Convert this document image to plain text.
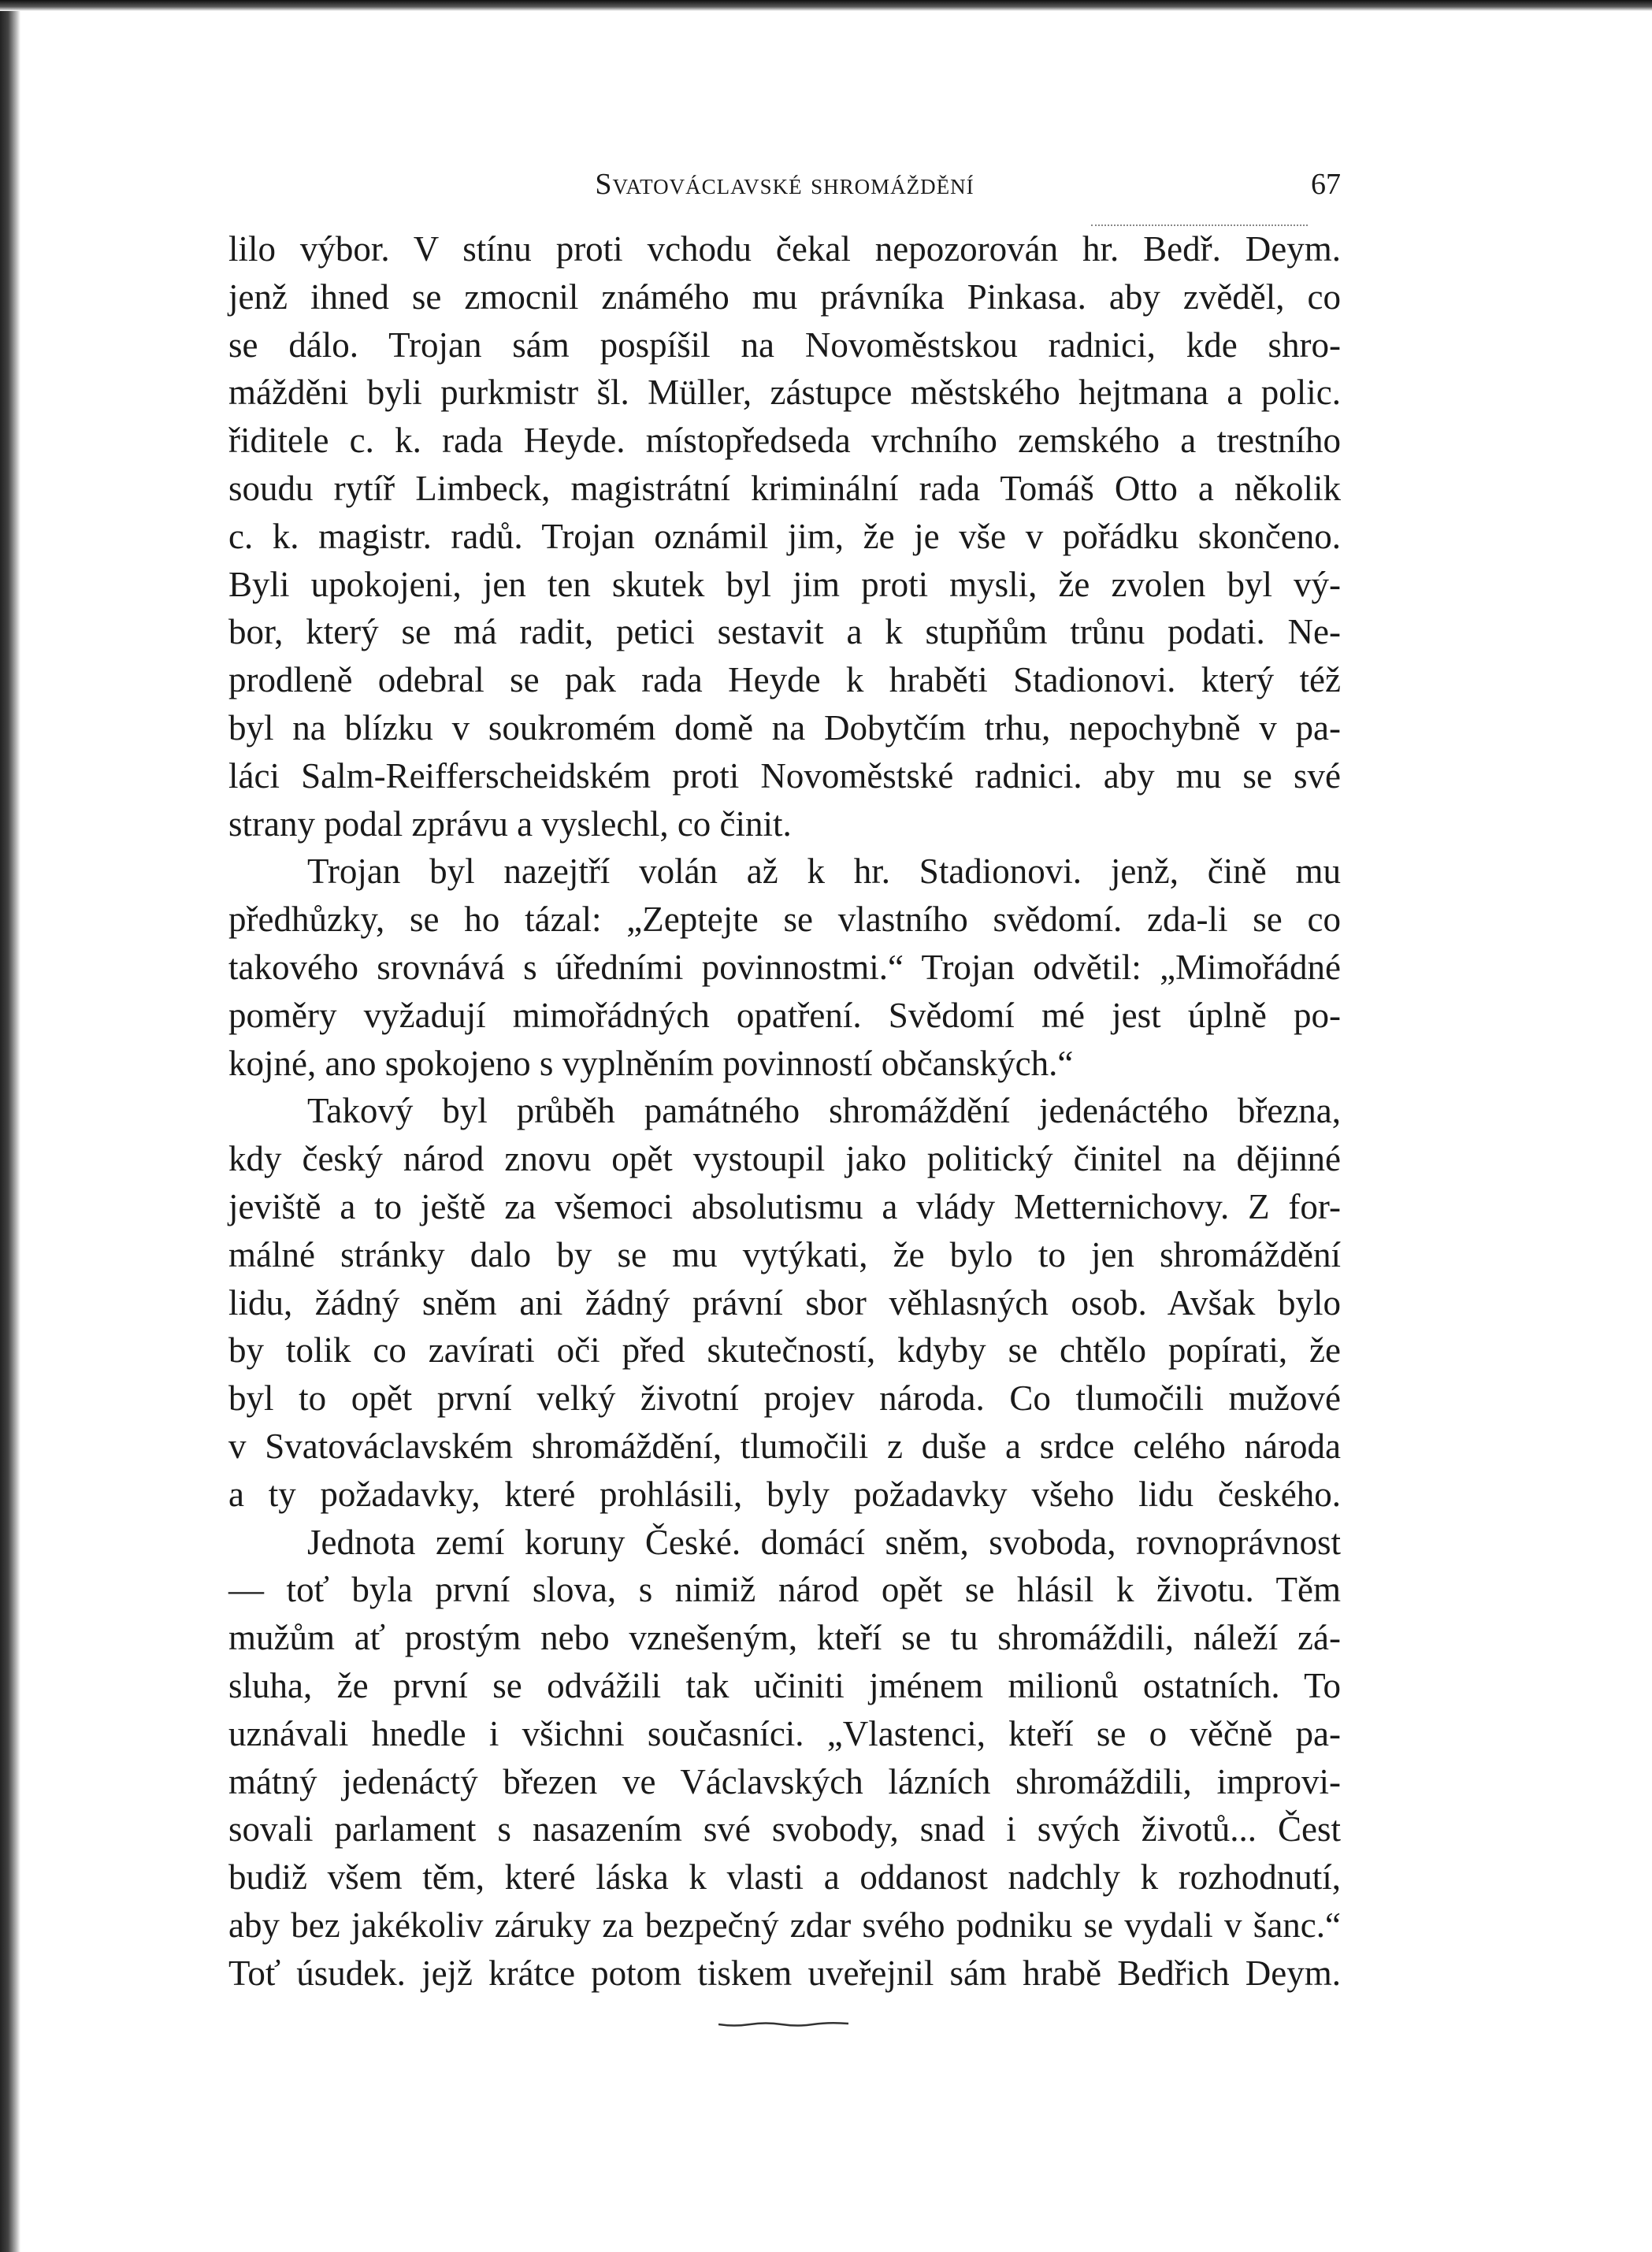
Svatováclavské shromáždění	67
lilo výbor. V stínu proti vchodu čekal nepozorován hr. Bedř. Deym.
jenž ihned se zmocnil známého mu právníka Pinkasa. aby zvěděl, co
se dálo. Trojan sám pospíšil na Novoměstskou radnici, kde shro-
mážděni byli purkmistr šl. Müller, zástupce městského hejtmana a polic.
řiditele c. k. rada Heyde. místopředseda vrchního zemského a trestního
soudu rytíř Limbeck, magistrátní kriminální rada Tomáš Otto a několik
c. k. magistr. radů. Trojan oznámil jim, že je vše v pořádku skončeno.
Byli upokojeni, jen ten skutek byl jim proti mysli, že zvolen byl vý-
bor, který se má radit, petici sestavit a k stupňům trůnu podati. Ne-
prodleně odebral se pak rada Heyde k hraběti Stadionovi. který též
byl na blízku v soukromém domě na Dobytčím trhu, nepochybně v pa-
láci Salm-Reifferscheidském proti Novoměstské radnici. aby mu se své
strany podal zprávu a vyslechl, co činit.
Trojan byl nazejtří volán až k hr. Stadionovi. jenž, čině mu
předhůzky, se ho tázal: „Zeptejte se vlastního svědomí. zda-li se co
takového srovnává s úředními povinnostmi.“ Trojan odvětil: „Mimořádné
poměry vyžadují mimořádných opatření. Svědomí mé jest úplně po-
kojné, ano spokojeno s vyplněním povinností občanských.“
Takový byl průběh památného shromáždění jedenáctého března,
kdy český národ znovu opět vystoupil jako politický činitel na dějinné
jeviště a to ještě za všemoci absolutismu a vlády Metternichovy. Z for-
málné stránky dalo by se mu vytýkati, že bylo to jen shromáždění
lidu, žádný sněm ani žádný právní sbor věhlasných osob. Avšak bylo
by tolik co zavírati oči před skutečností, kdyby se chtělo popírati, že
byl to opět první velký životní projev národa. Co tlumočili mužové
v Svatováclavském shromáždění, tlumočili z duše a srdce celého národa
a ty požadavky, které prohlásili, byly požadavky všeho lidu českého.
Jednota zemí koruny České. domácí sněm, svoboda, rovnoprávnost
— toť byla první slova, s nimiž národ opět se hlásil k životu. Těm
mužům ať prostým nebo vznešeným, kteří se tu shromáždili, náleží zá-
sluha, že první se odvážili tak učiniti jménem milionů ostatních. To
uznávali hnedle i všichni současníci. „Vlastenci, kteří se o věčně pa-
mátný jedenáctý březen ve Václavských lázních shromáždili, improvi-
sovali parlament s nasazením své svobody, snad i svých životů... Čest
budiž všem těm, které láska k vlasti a oddanost nadchly k rozhodnutí,
aby bez jakékoliv záruky za bezpečný zdar svého podniku se vydali v šanc.“
Toť úsudek. jejž krátce potom tiskem uveřejnil sám hrabě Bedřich Deym.
